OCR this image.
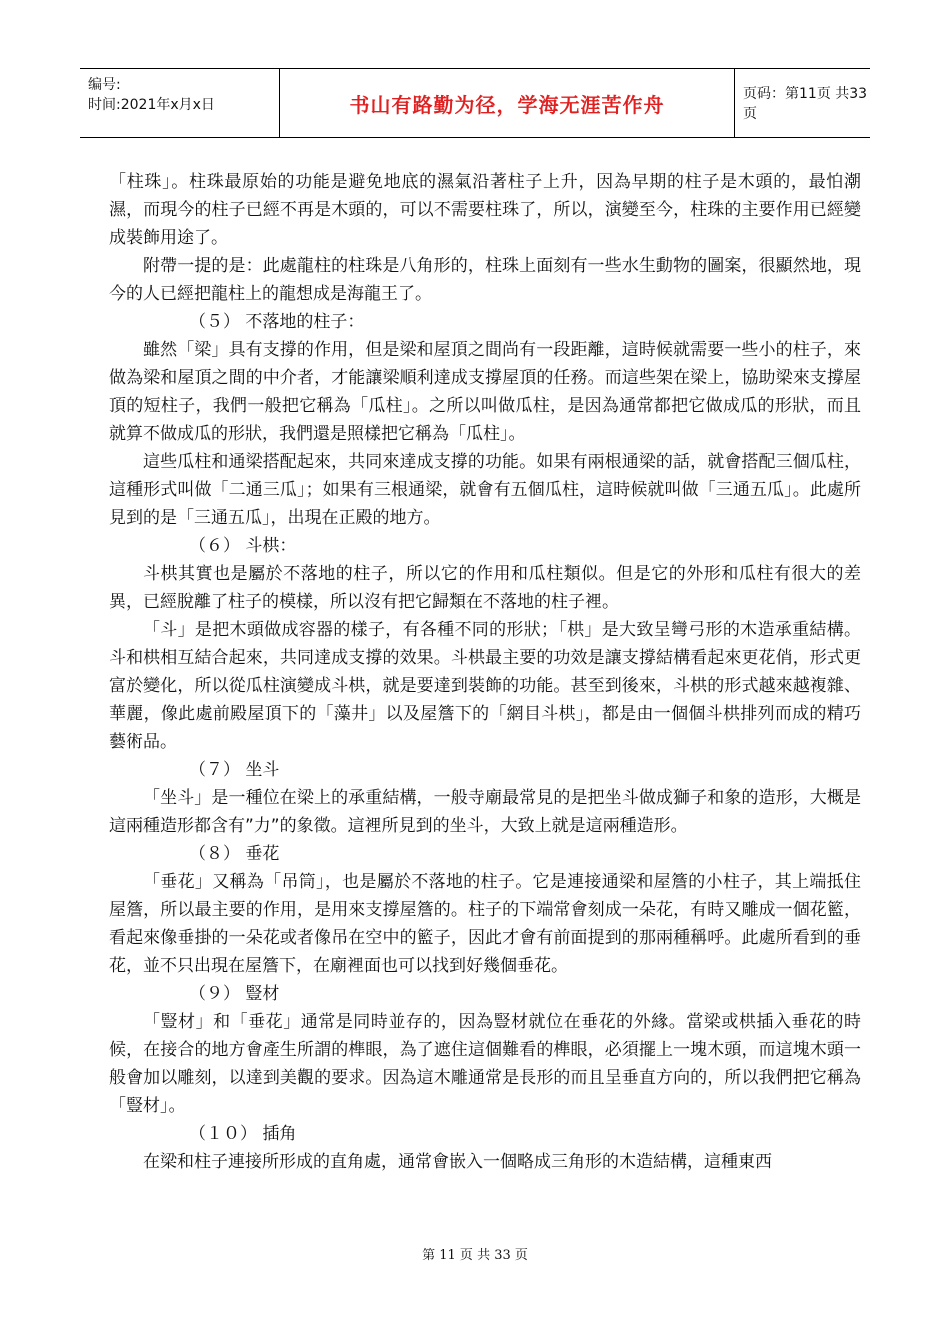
编号:
时间:2021年x月x日	书山有路勤为径，学海无涯苦作舟	页码：第11页 共33页

「柱珠」。柱珠最原始的功能是避免地底的濕氣沿著柱子上升，因為早期的柱子是木頭的，最怕潮濕，而現今的柱子已經不再是木頭的，可以不需要柱珠了，所以，演變至今，柱珠的主要作用已經變成裝飾用途了。

附帶一提的是：此處龍柱的柱珠是八角形的，柱珠上面刻有一些水生動物的圖案，很顯然地，現今的人已經把龍柱上的龍想成是海龍王了。

（５） 不落地的柱子：

雖然「梁」具有支撐的作用，但是梁和屋頂之間尚有一段距離，這時候就需要一些小的柱子，來做為梁和屋頂之間的中介者，才能讓梁順利達成支撐屋頂的任務。而這些架在梁上，協助梁來支撐屋頂的短柱子，我們一般把它稱為「瓜柱」。之所以叫做瓜柱，是因為通常都把它做成瓜的形狀，而且就算不做成瓜的形狀，我們還是照樣把它稱為「瓜柱」。

這些瓜柱和通梁搭配起來，共同來達成支撐的功能。如果有兩根通梁的話，就會搭配三個瓜柱，這種形式叫做「二通三瓜」；如果有三根通梁，就會有五個瓜柱，這時候就叫做「三通五瓜」。此處所見到的是「三通五瓜」，出現在正殿的地方。

（６） 斗栱：

斗栱其實也是屬於不落地的柱子，所以它的作用和瓜柱類似。但是它的外形和瓜柱有很大的差異，已經脫離了柱子的模樣，所以沒有把它歸類在不落地的柱子裡。

「斗」是把木頭做成容器的樣子，有各種不同的形狀；「栱」是大致呈彎弓形的木造承重結構。斗和栱相互結合起來，共同達成支撐的效果。斗栱最主要的功效是讓支撐結構看起來更花俏，形式更富於變化，所以從瓜柱演變成斗栱，就是要達到裝飾的功能。甚至到後來，斗栱的形式越來越複雜、華麗，像此處前殿屋頂下的「藻井」以及屋簷下的「網目斗栱」，都是由一個個斗栱排列而成的精巧藝術品。

（７） 坐斗

「坐斗」是一種位在梁上的承重結構，一般寺廟最常見的是把坐斗做成獅子和象的造形，大概是這兩種造形都含有”力”的象徵。這裡所見到的坐斗，大致上就是這兩種造形。

（８） 垂花

「垂花」又稱為「吊筒」，也是屬於不落地的柱子。它是連接通梁和屋簷的小柱子，其上端抵住屋簷，所以最主要的作用，是用來支撐屋簷的。柱子的下端常會刻成一朵花，有時又雕成一個花籃，看起來像垂掛的一朵花或者像吊在空中的籃子，因此才會有前面提到的那兩種稱呼。此處所看到的垂花，並不只出現在屋簷下，在廟裡面也可以找到好幾個垂花。

（９） 豎材

「豎材」和「垂花」通常是同時並存的，因為豎材就位在垂花的外緣。當梁或栱插入垂花的時候，在接合的地方會產生所謂的榫眼，為了遮住這個難看的榫眼，必須擺上一塊木頭，而這塊木頭一般會加以雕刻，以達到美觀的要求。因為這木雕通常是長形的而且呈垂直方向的，所以我們把它稱為「豎材」。

（１０） 插角

在梁和柱子連接所形成的直角處，通常會嵌入一個略成三角形的木造結構，這種東西

第 11 页 共 33 页
